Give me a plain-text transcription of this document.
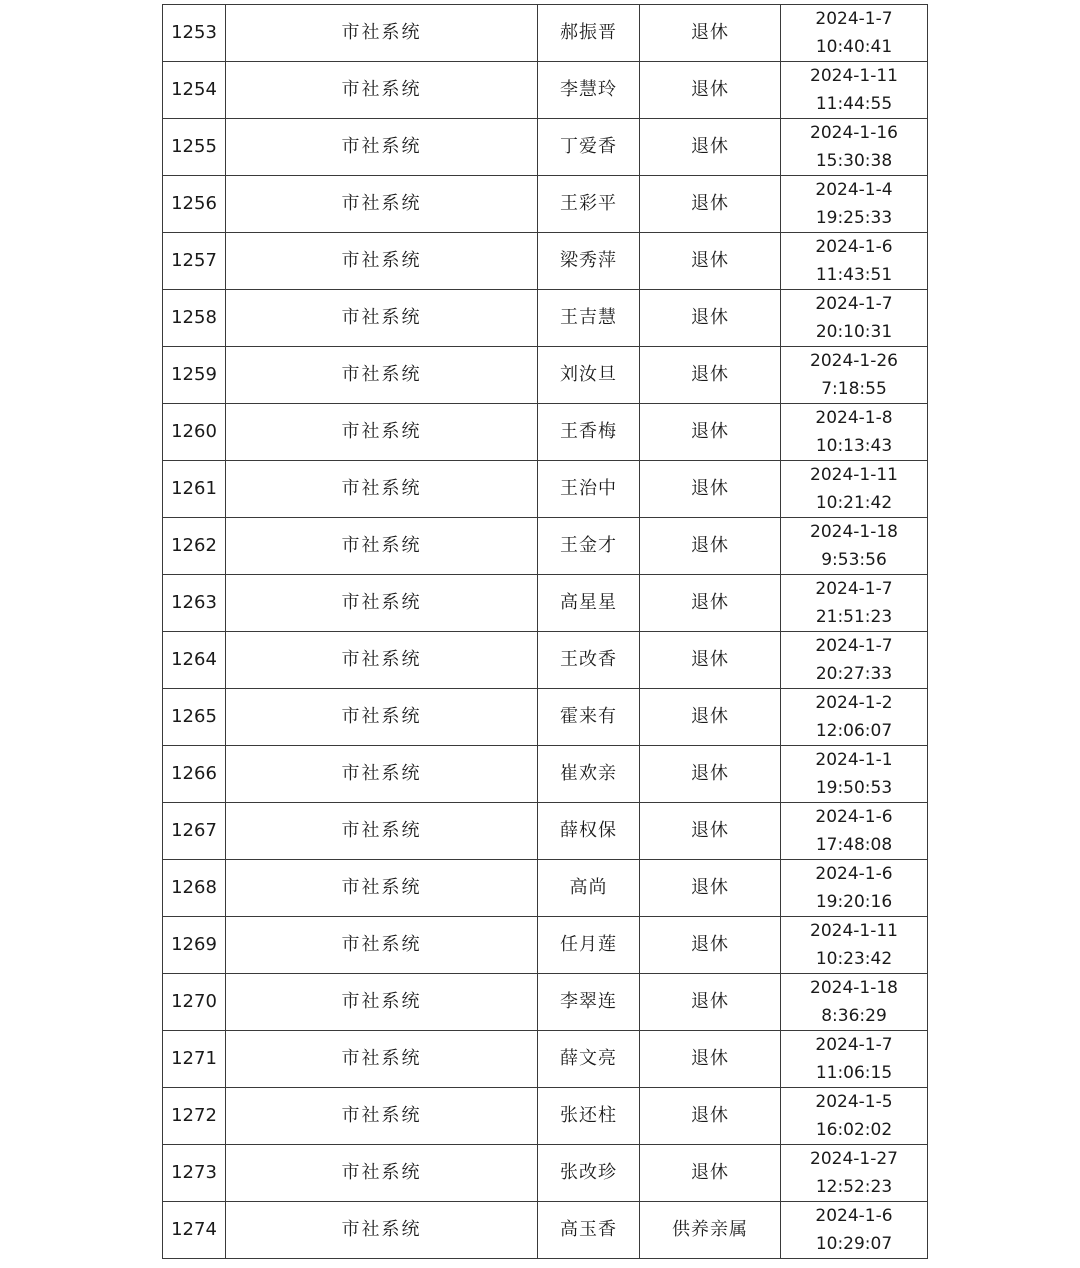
1253	市社系统	郝振晋	退休	2024-1-7
10:40:41

1254	市社系统	李慧玲	退休	2024-1-11
11:44:55

1255	市社系统	丁爱香	退休	2024-1-16
15:30:38

1256	市社系统	王彩平	退休	2024-1-4
19:25:33

1257	市社系统	梁秀萍	退休	2024-1-6
11:43:51

1258	市社系统	王吉慧	退休	2024-1-7
20:10:31

1259	市社系统	刘汝旦	退休	2024-1-26
7:18:55

1260	市社系统	王香梅	退休	2024-1-8
10:13:43

1261	市社系统	王治中	退休	2024-1-11
10:21:42

1262	市社系统	王金才	退休	2024-1-18
9:53:56

1263	市社系统	高星星	退休	2024-1-7
21:51:23

1264	市社系统	王改香	退休	2024-1-7
20:27:33

1265	市社系统	霍来有	退休	2024-1-2
12:06:07

1266	市社系统	崔欢亲	退休	2024-1-1
19:50:53

1267	市社系统	薛权保	退休	2024-1-6
17:48:08

1268	市社系统	高尚	退休	2024-1-6
19:20:16

1269	市社系统	任月莲	退休	2024-1-11
10:23:42

1270	市社系统	李翠连	退休	2024-1-18
8:36:29

1271	市社系统	薛文亮	退休	2024-1-7
11:06:15

1272	市社系统	张还柱	退休	2024-1-5
16:02:02

1273	市社系统	张改珍	退休	2024-1-27
12:52:23

1274	市社系统	高玉香	供养亲属	2024-1-6
10:29:07
